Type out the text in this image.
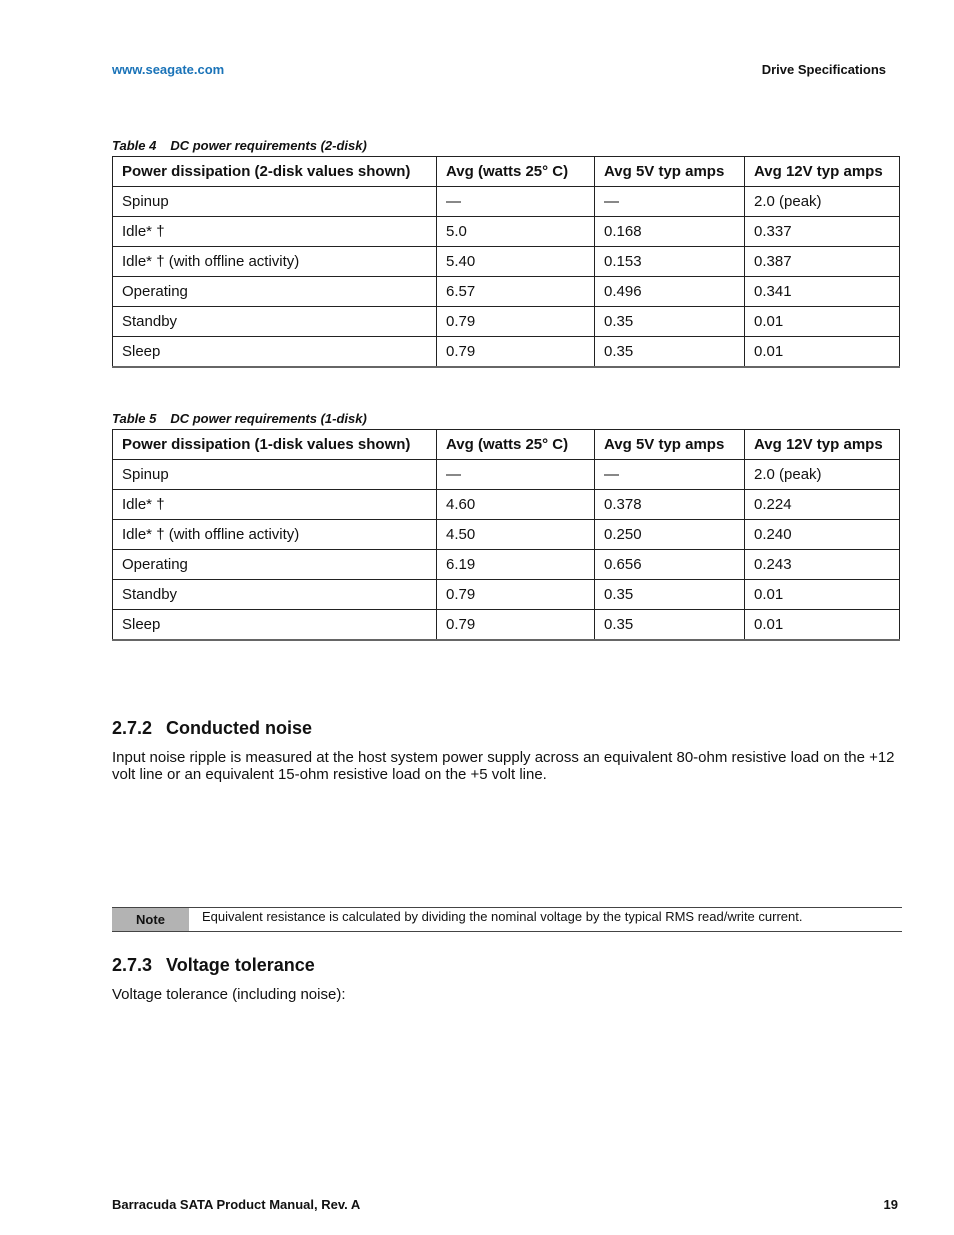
www.seagate.com	Drive Specifications
Table 4 DC power requirements (2-disk)
Power dissipation (2-disk values shown)	Avg (watts 25° C)	Avg 5V typ amps	Avg 12V typ amps
Spinup	—	—	2.0 (peak)
Idle* †	5.0	0.168	0.337
Idle* † (with offline activity)	5.40	0.153	0.387
Operating	6.57	0.496	0.341
Standby	0.79	0.35	0.01
Sleep	0.79	0.35	0.01
Table 5 DC power requirements (1-disk)
Power dissipation (1-disk values shown)	Avg (watts 25° C)	Avg 5V typ amps	Avg 12V typ amps
Spinup	—	—	2.0 (peak)
Idle* †	4.60	0.378	0.224
Idle* † (with offline activity)	4.50	0.250	0.240
Operating	6.19	0.656	0.243
Standby	0.79	0.35	0.01
Sleep	0.79	0.35	0.01
2.7.2 Conducted noise

Input noise ripple is measured at the host system power supply across an equivalent 80-ohm resistive load on the +12 volt line or an equivalent 15-ohm resistive load on the +5 volt line.

Note	Equivalent resistance is calculated by dividing the nominal voltage by the typical RMS read/write current.
2.7.3 Voltage tolerance

Voltage tolerance (including noise):

Barracuda SATA Product Manual, Rev. A	19
